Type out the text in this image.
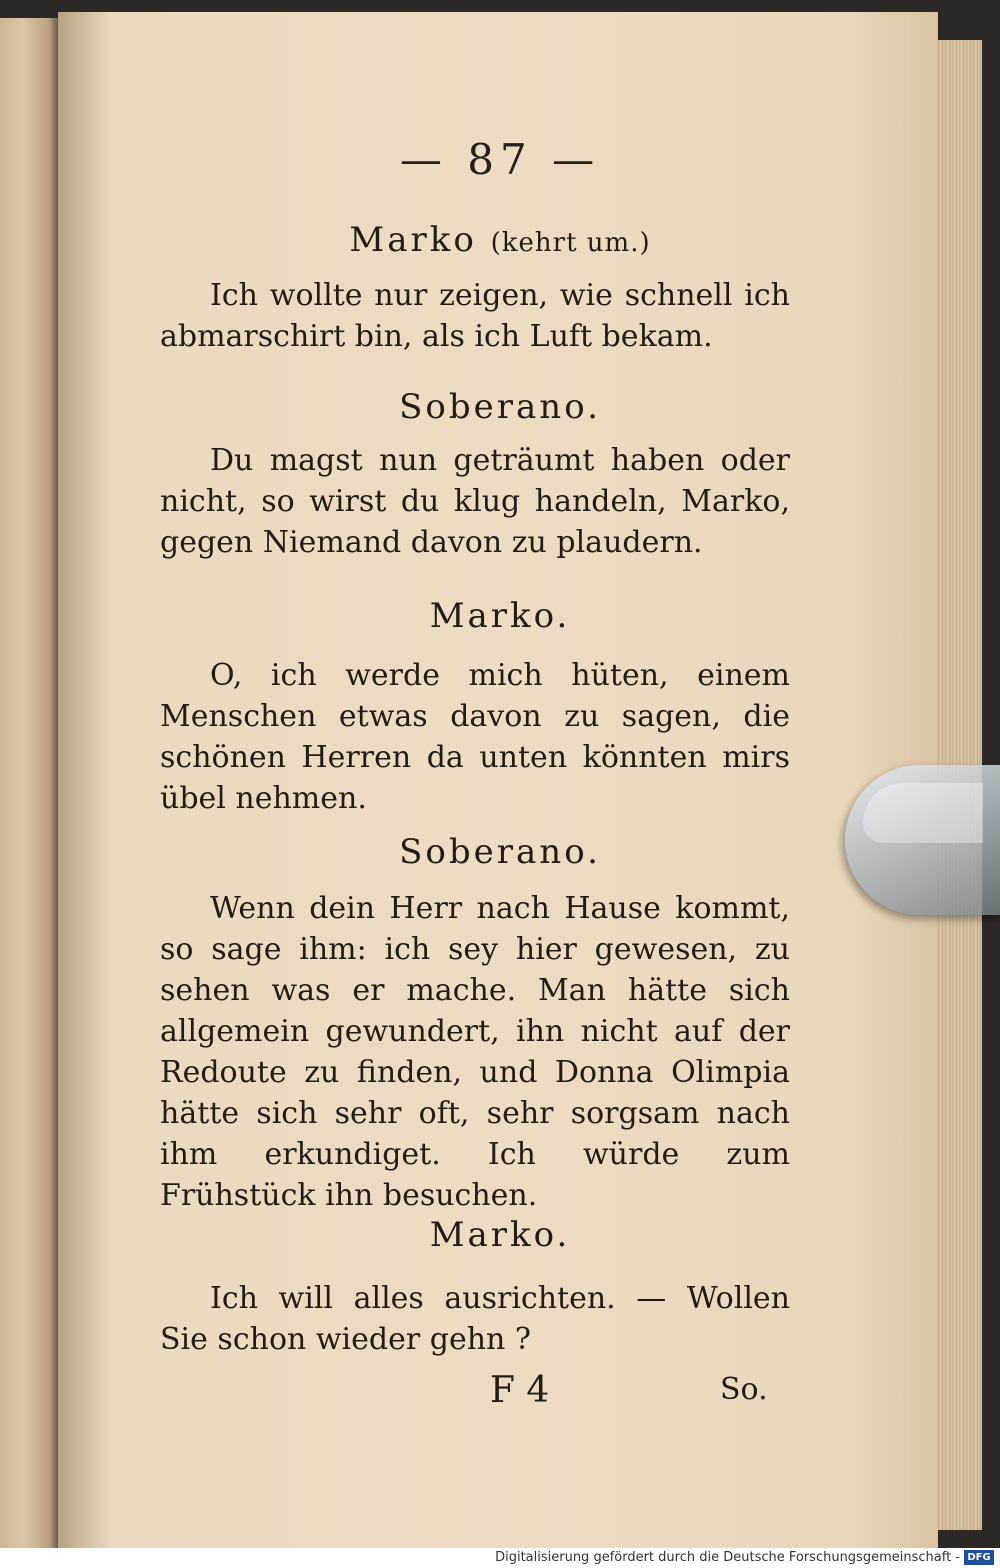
— 87 —
Marko (kehrt um.)

Ich wollte nur zeigen, wie schnell ich abmarschirt bin, als ich Luft bekam.

Soberano.

Du magst nun geträumt haben oder nicht, so wirst du klug handeln, Marko, gegen Niemand davon zu plaudern.

Marko.

O, ich werde mich hüten, einem Menschen etwas davon zu sagen, die schönen Herren da unten könnten mirs übel nehmen.

Soberano.

Wenn dein Herr nach Hause kommt, so sage ihm: ich sey hier gewesen, zu sehen was er mache. Man hätte sich allgemein gewundert, ihn nicht auf der Redoute zu finden, und Donna Olimpia hätte sich sehr oft, sehr sorgsam nach ihm erkundiget. Ich würde zum Frühstück ihn besuchen.

Marko.

Ich will alles ausrichten. — Wollen Sie schon wieder gehn ?

F 4	So.
Digitalisierung gefördert durch die Deutsche Forschungsgemeinschaft - DFG
